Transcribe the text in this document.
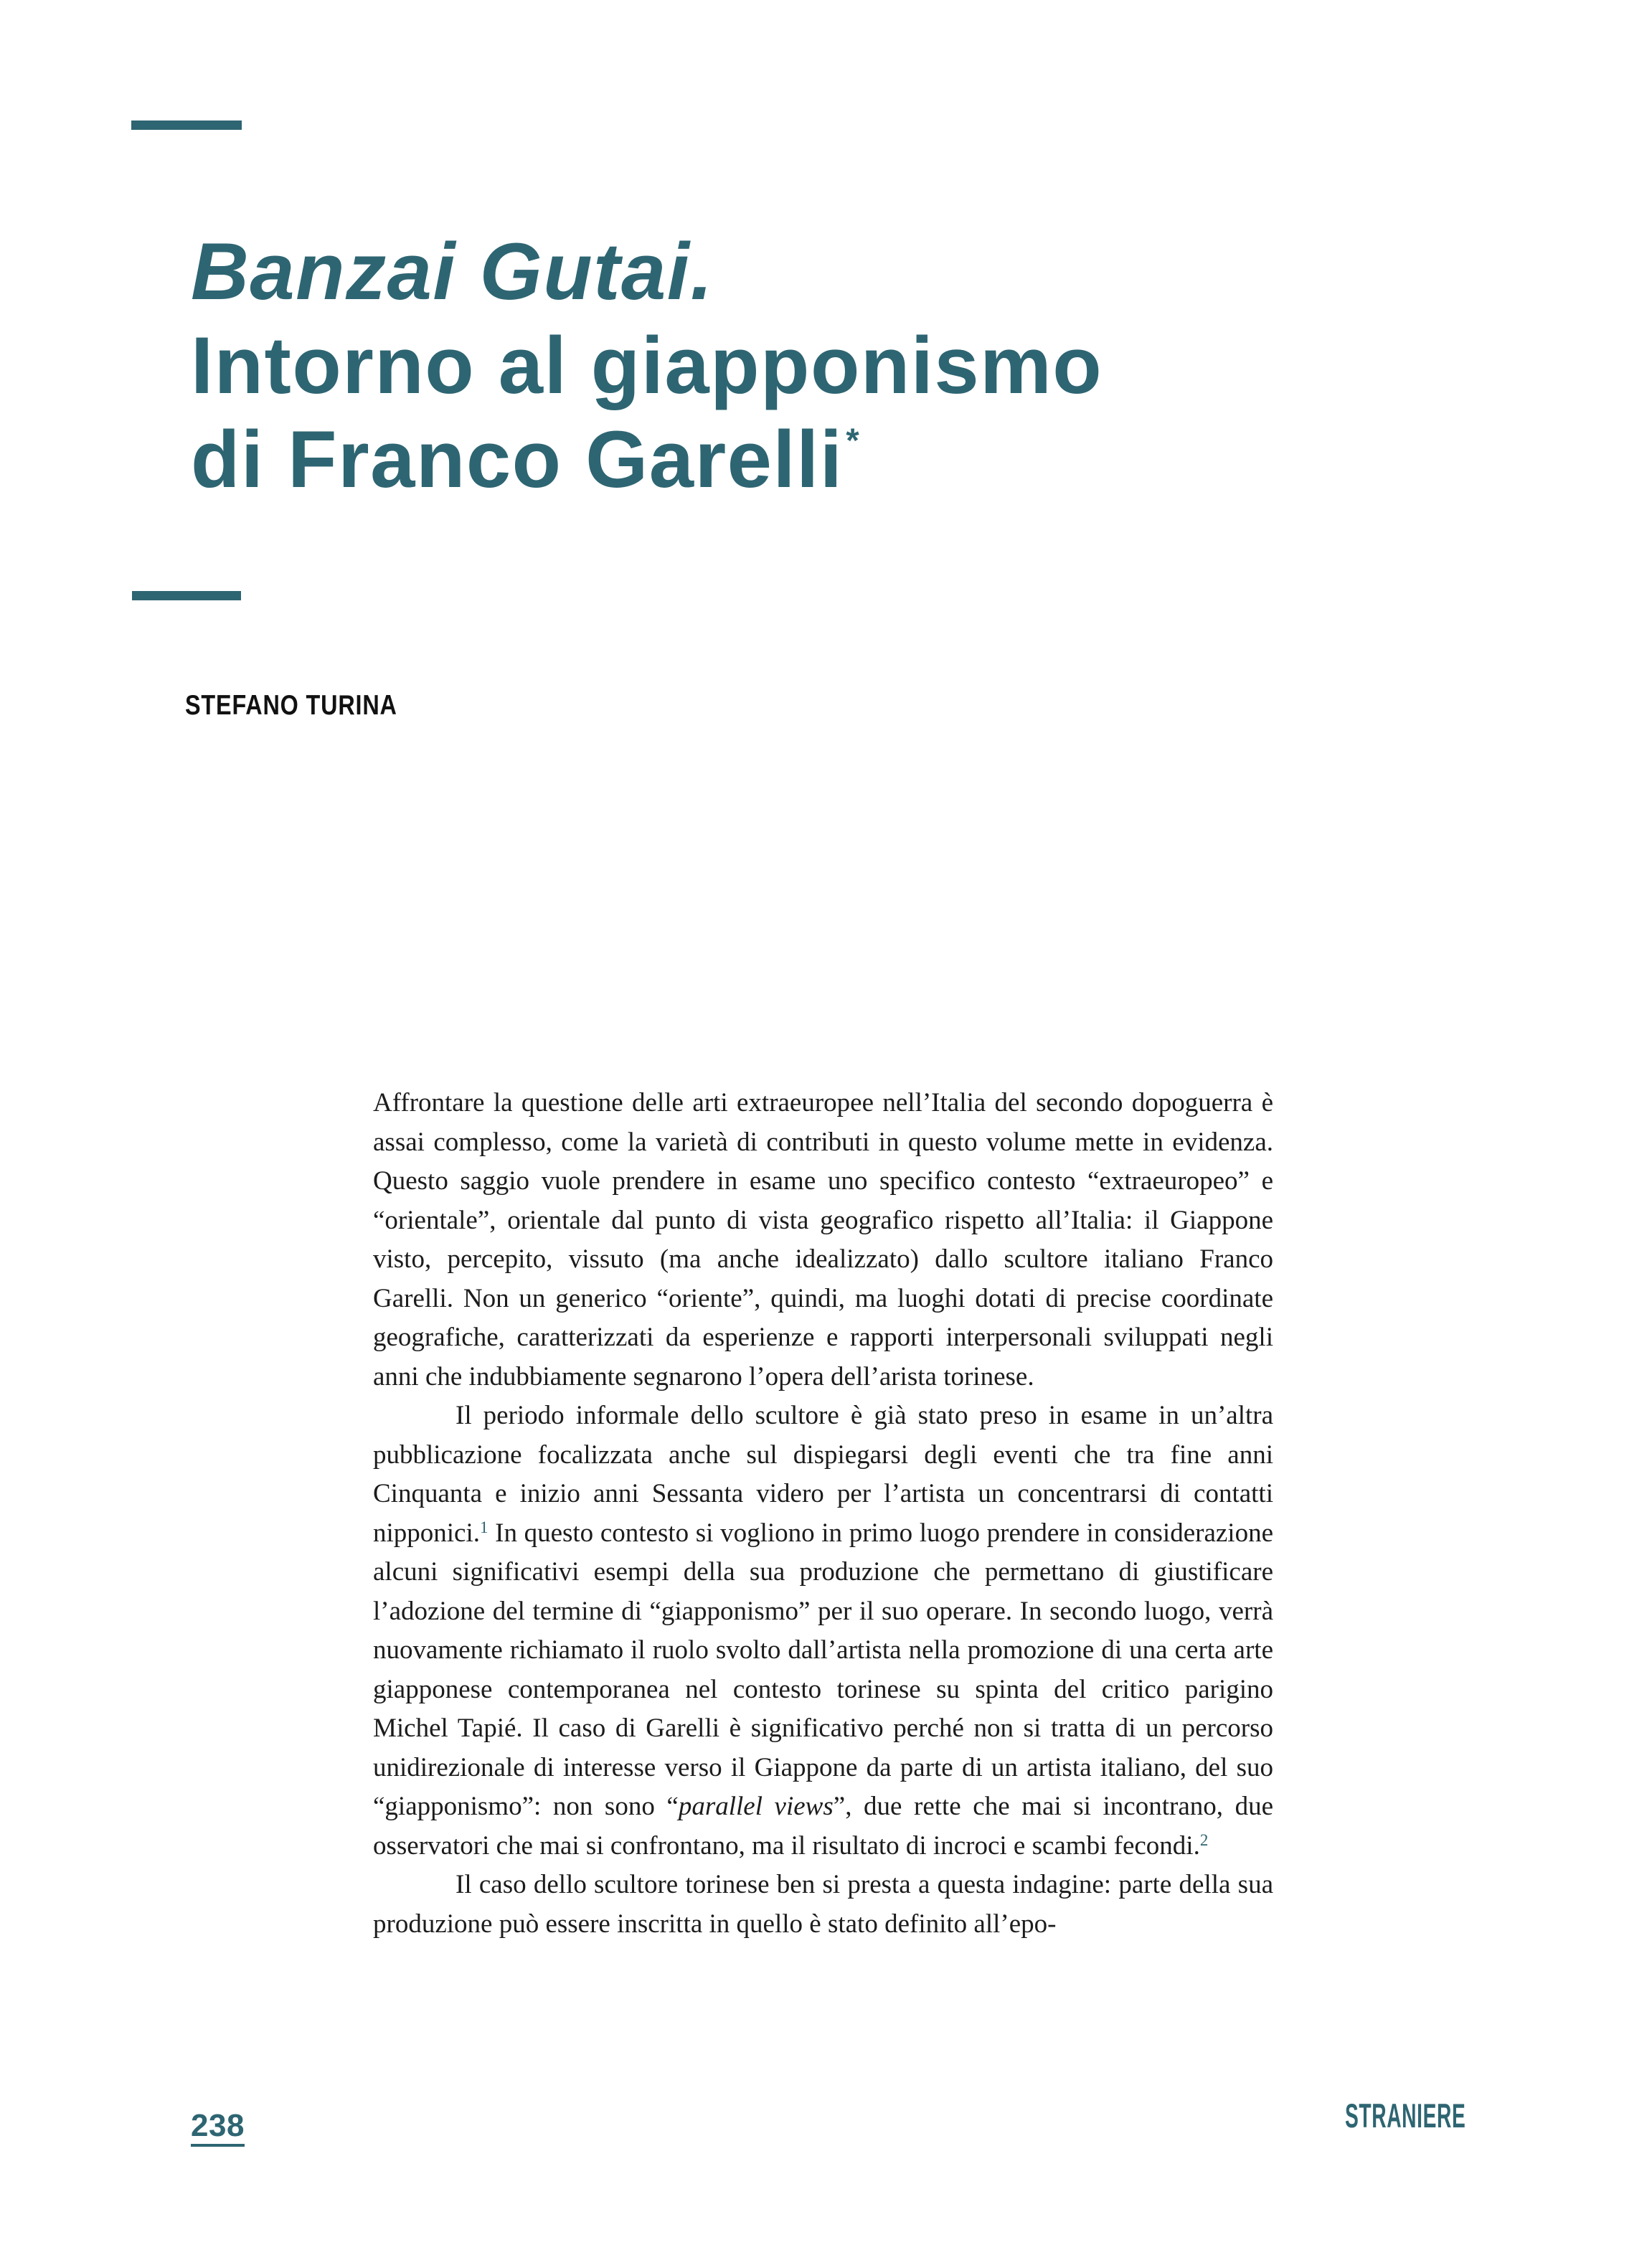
Banzai Gutai.
Intorno al giapponismo
di Franco Garelli*

STEFANO TURINA

Affrontare la questione delle arti extraeuropee nell’Italia del secondo dopoguerra è assai complesso, come la varietà di contributi in questo volume mette in evidenza. Questo saggio vuole prendere in esame uno specifico contesto “extraeuropeo” e “orientale”, orientale dal punto di vista geografico rispetto all’Italia: il Giappone visto, percepito, vissuto (ma anche idealizzato) dallo scultore italiano Franco Garelli. Non un generico “oriente”, quindi, ma luoghi dotati di precise coordinate geografiche, caratterizzati da esperienze e rapporti interpersonali sviluppati negli anni che indubbiamente segnarono l’opera dell’arista torinese.

Il periodo informale dello scultore è già stato preso in esame in un’altra pubblicazione focalizzata anche sul dispiegarsi degli eventi che tra fine anni Cinquanta e inizio anni Sessanta videro per l’artista un concentrarsi di contatti nipponici.$^1$ In questo contesto si vogliono in primo luogo prendere in considerazione alcuni significativi esempi della sua produzione che permettano di giustificare l’adozione del termine di “giapponismo” per il suo operare. In secondo luogo, verrà nuovamente richiamato il ruolo svolto dall’artista nella promozione di una certa arte giapponese contemporanea nel contesto torinese su spinta del critico parigino Michel Tapié. Il caso di Garelli è significativo perché non si tratta di un percorso unidirezionale di interesse verso il Giappone da parte di un artista italiano, del suo “giapponismo”: non sono “parallel views”, due rette che mai si incontrano, due osservatori che mai si confrontano, ma il risultato di incroci e scambi fecondi.$^2$

Il caso dello scultore torinese ben si presta a questa indagine: parte della sua produzione può essere inscritta in quello è stato definito all’epo-

238	STRANIERE
